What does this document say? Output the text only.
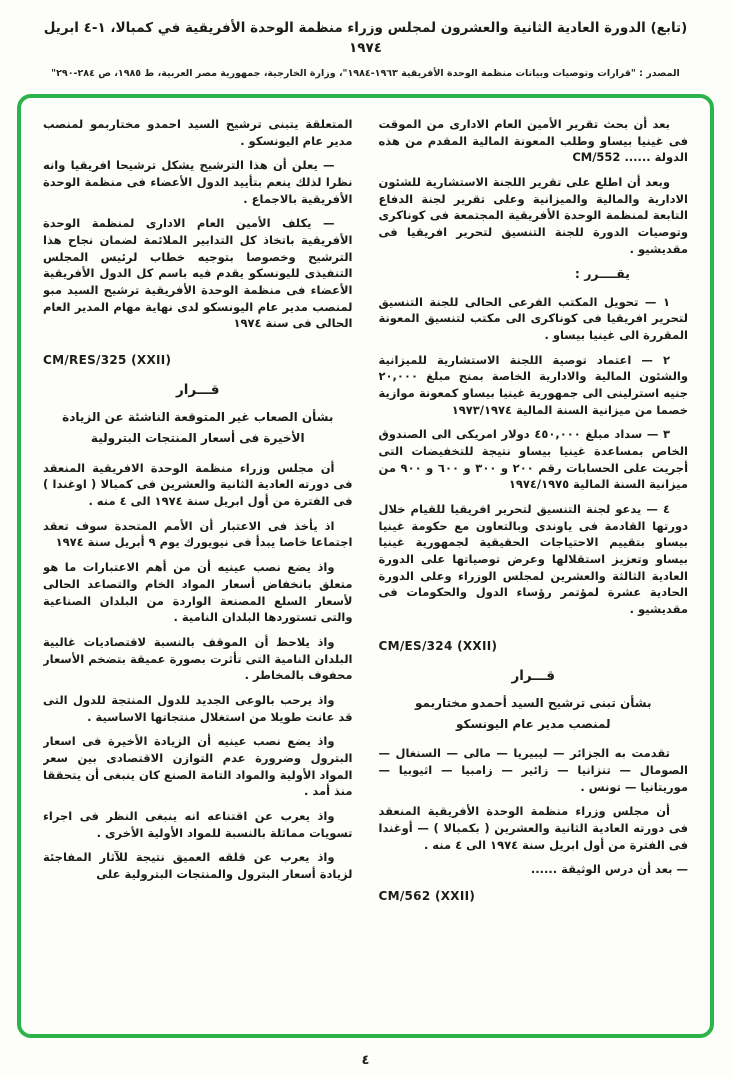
(تابع) الدورة العادية الثانية والعشرون لمجلس وزراء منظمة الوحدة الأفريقية في كمبالا، ١-٤ ابريل ١٩٧٤
المصدر : "قرارات وتوصيات وبيانات منظمة الوحدة الأفريقية ١٩٦٣-١٩٨٤"، وزارة الخارجية، جمهورية مصر العربية، ط ١٩٨٥، ص ٢٨٤-٢٩٠"

بعد أن بحث تقرير الأمين العام الادارى من الموقت فى غينيا بيساو وطلب المعونة المالية المقدم من هذه الدولة ...... CM/552

وبعد أن اطلع على تقرير اللجنة الاستشارية للشئون الادارية والمالية والميزانية وعلى تقرير لجنة الدفاع التابعة لمنظمة الوحدة الأفريقية المجتمعة فى كوناكرى وتوصيات الدورة للجنة التنسيق لتحرير افريقيا فى مقديشيو .

يقــــرر :

١ — تحويل المكتب الفرعى الحالى للجنة التنسيق لتحرير افريقيا فى كوناكرى الى مكتب لتنسيق المعونة المقررة الى غينيا بيساو .

٢ — اعتماد توصية اللجنة الاستشارية للميزانية والشئون المالية والادارية الخاصة بمنح مبلغ ٢٠,٠٠٠ جنيه استرلينى الى جمهورية غينيا بيساو كمعونة موازية خصما من ميزانية السنة المالية ١٩٧٣/١٩٧٤

٣ — سداد مبلغ ٤٥٠,٠٠٠ دولار امريكى الى الصندوق الخاص بمساعدة غينيا بيساو نتيجة للتخفيضات التى أجريت على الحسابات رقم ٢٠٠ و ٣٠٠ و ٦٠٠ و ٩٠٠ من ميزانية السنة المالية ١٩٧٤/١٩٧٥

٤ — يدعو لجنة التنسيق لتحرير افريقيا للقيام خلال دورتها القادمة فى ياوندى وبالتعاون مع حكومة غينيا بيساو بتقييم الاحتياجات الحقيقية لجمهورية غينيا بيساو وتعزيز استقلالها وعرض توصياتها على الدورة العادية الثالثة والعشرين لمجلس الوزراء وعلى الدورة الحادية عشرة لمؤتمر رؤساء الدول والحكومات فى مقديشيو .

CM/ES/324 (XXII)

قـــرار

بشأن تبنى ترشيح السيد أحمدو مختاربمو

لمنصب مدير عام اليونسكو

تقدمت به الجزائر — ليبيريا — مالى — السنغال — الصومال — تنزانيا — زائير — زامبيا — اثيوبيا — موريتانيا — تونس .

أن مجلس وزراء منظمة الوحدة الأفريقية المنعقد فى دورته العادية الثانية والعشرين ( بكمبالا ) — أوغندا فى الفترة من أول ابريل سنة ١٩٧٤ الى ٤ منه .

— بعد أن درس الوثيقة ......

CM/562 (XXII)

المتعلقة يتبنى ترشيح السيد احمدو مختاربمو لمنصب مدير عام اليونسكو .

— يعلن أن هذا الترشيح يشكل ترشيحا افريقيا وانه نظرا لذلك ينعم بتأييد الدول الأعضاء فى منظمة الوحدة الأفريقية بالاجماع .

— يكلف الأمين العام الادارى لمنظمة الوحدة الأفريقية باتخاذ كل التدابير الملائمة لضمان نجاح هذا الترشيح وخصوصا بتوجيه خطاب لرئيس المجلس التنفيذى لليونسكو يقدم فيه باسم كل الدول الأفريقية الأعضاء فى منظمة الوحدة الأفريقية ترشيح السيد مبو لمنصب مدير عام اليونسكو لدى نهاية مهام المدير العام الحالى فى سنة ١٩٧٤

CM/RES/325 (XXII)

قـــرار

بشأن الصعاب غير المتوقعة الناشئة عن الزيادة

الأخيرة فى أسعار المنتجات البترولية

أن مجلس وزراء منظمة الوحدة الافريقية المنعقد فى دورته العادية الثانية والعشرين فى كمبالا ( اوغندا ) فى الفترة من أول ابريل سنة ١٩٧٤ الى ٤ منه .

اذ يأخذ فى الاعتبار أن الأمم المتحدة سوف تعقد اجتماعا خاصا يبدأ فى نيويورك يوم ٩ أبريل سنة ١٩٧٤

واذ يضع نصب عينيه أن من أهم الاعتبارات ما هو متعلق بانخفاض أسعار المواد الخام والتصاعد الحالى لأسعار السلع المصنعة الواردة من البلدان الصناعية والتى تستوردها البلدان النامية .

واذ يلاحظ أن الموقف بالنسبة لاقتصاديات غالبية البلدان النامية التى تأثرت بصورة عميقة بتضخم الأسعار محفوف بالمخاطر .

واذ يرحب بالوعى الجديد للدول المنتجة للدول التى قد عانت طويلا من استغلال منتجاتها الاساسية .

واذ يضع نصب عينيه أن الزيادة الأخيرة فى اسعار البترول وضرورة عدم التوازن الاقتصادى بين سعر المواد الأولية والمواد التامة الصنع كان ينبغى أن يتحققا منذ أمد .

واذ يعرب عن اقتناعه انه ينبغى النظر فى اجراء تسويات مماثلة بالنسبة للمواد الأولية الأخرى .

واذ يعرب عن قلقه العميق نتيجة للآثار المفاجئة لزيادة أسعار البترول والمنتجات البترولية على

٤
